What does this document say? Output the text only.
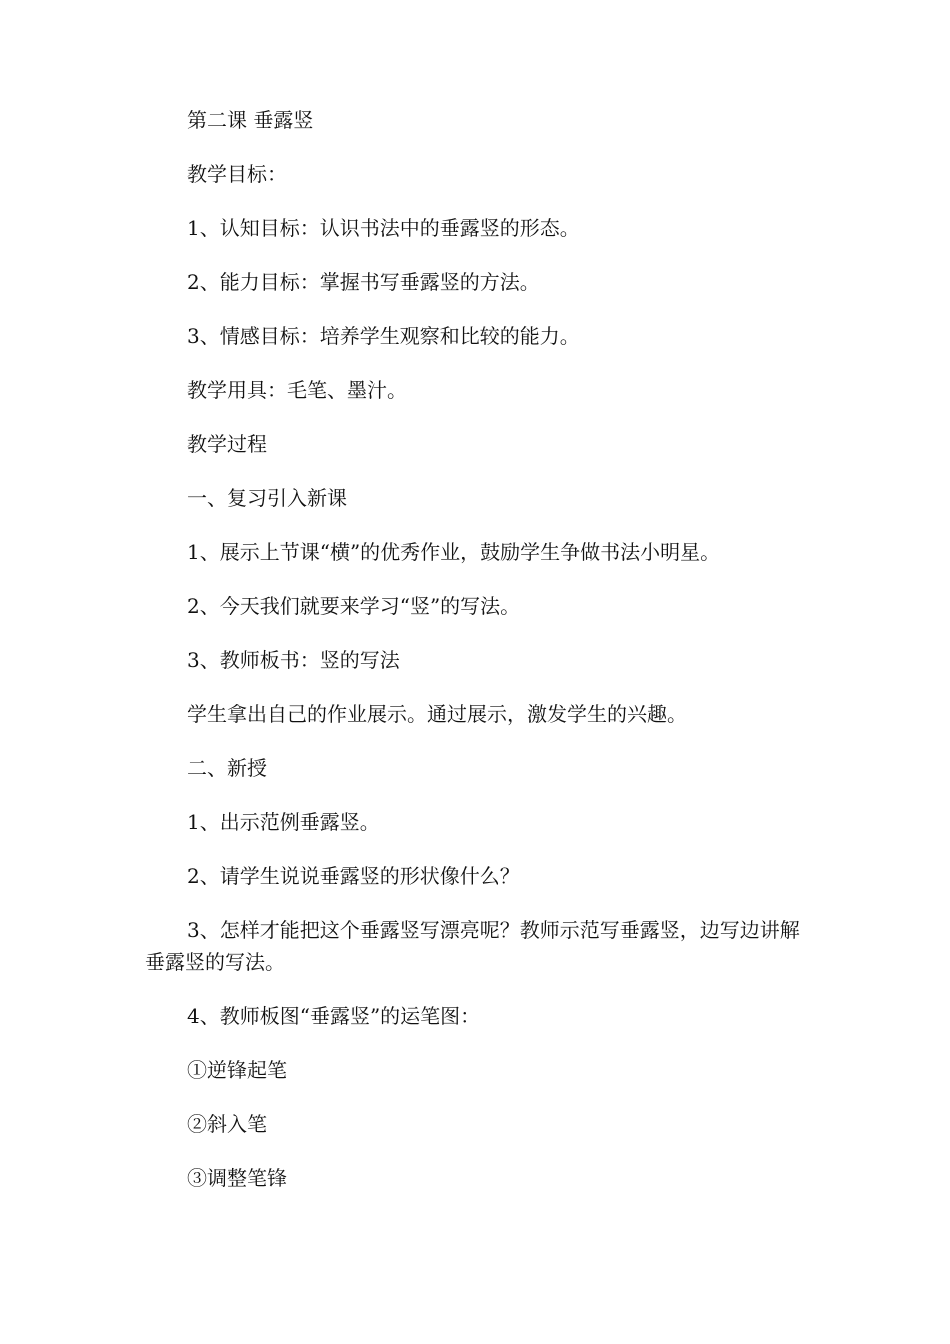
第二课 垂露竖

教学目标：

1、认知目标：认识书法中的垂露竖的形态。

2、能力目标：掌握书写垂露竖的方法。

3、情感目标：培养学生观察和比较的能力。

教学用具：毛笔、墨汁。

教学过程

一、复习引入新课

1、展示上节课“横”的优秀作业，鼓励学生争做书法小明星。

2、今天我们就要来学习“竖”的写法。

3、教师板书：竖的写法

学生拿出自己的作业展示。通过展示，激发学生的兴趣。

二、新授

1、出示范例垂露竖。

2、请学生说说垂露竖的形状像什么？

3、怎样才能把这个垂露竖写漂亮呢？教师示范写垂露竖，边写边讲解垂露竖的写法。

4、教师板图“垂露竖”的运笔图：

①逆锋起笔

②斜入笔

③调整笔锋
